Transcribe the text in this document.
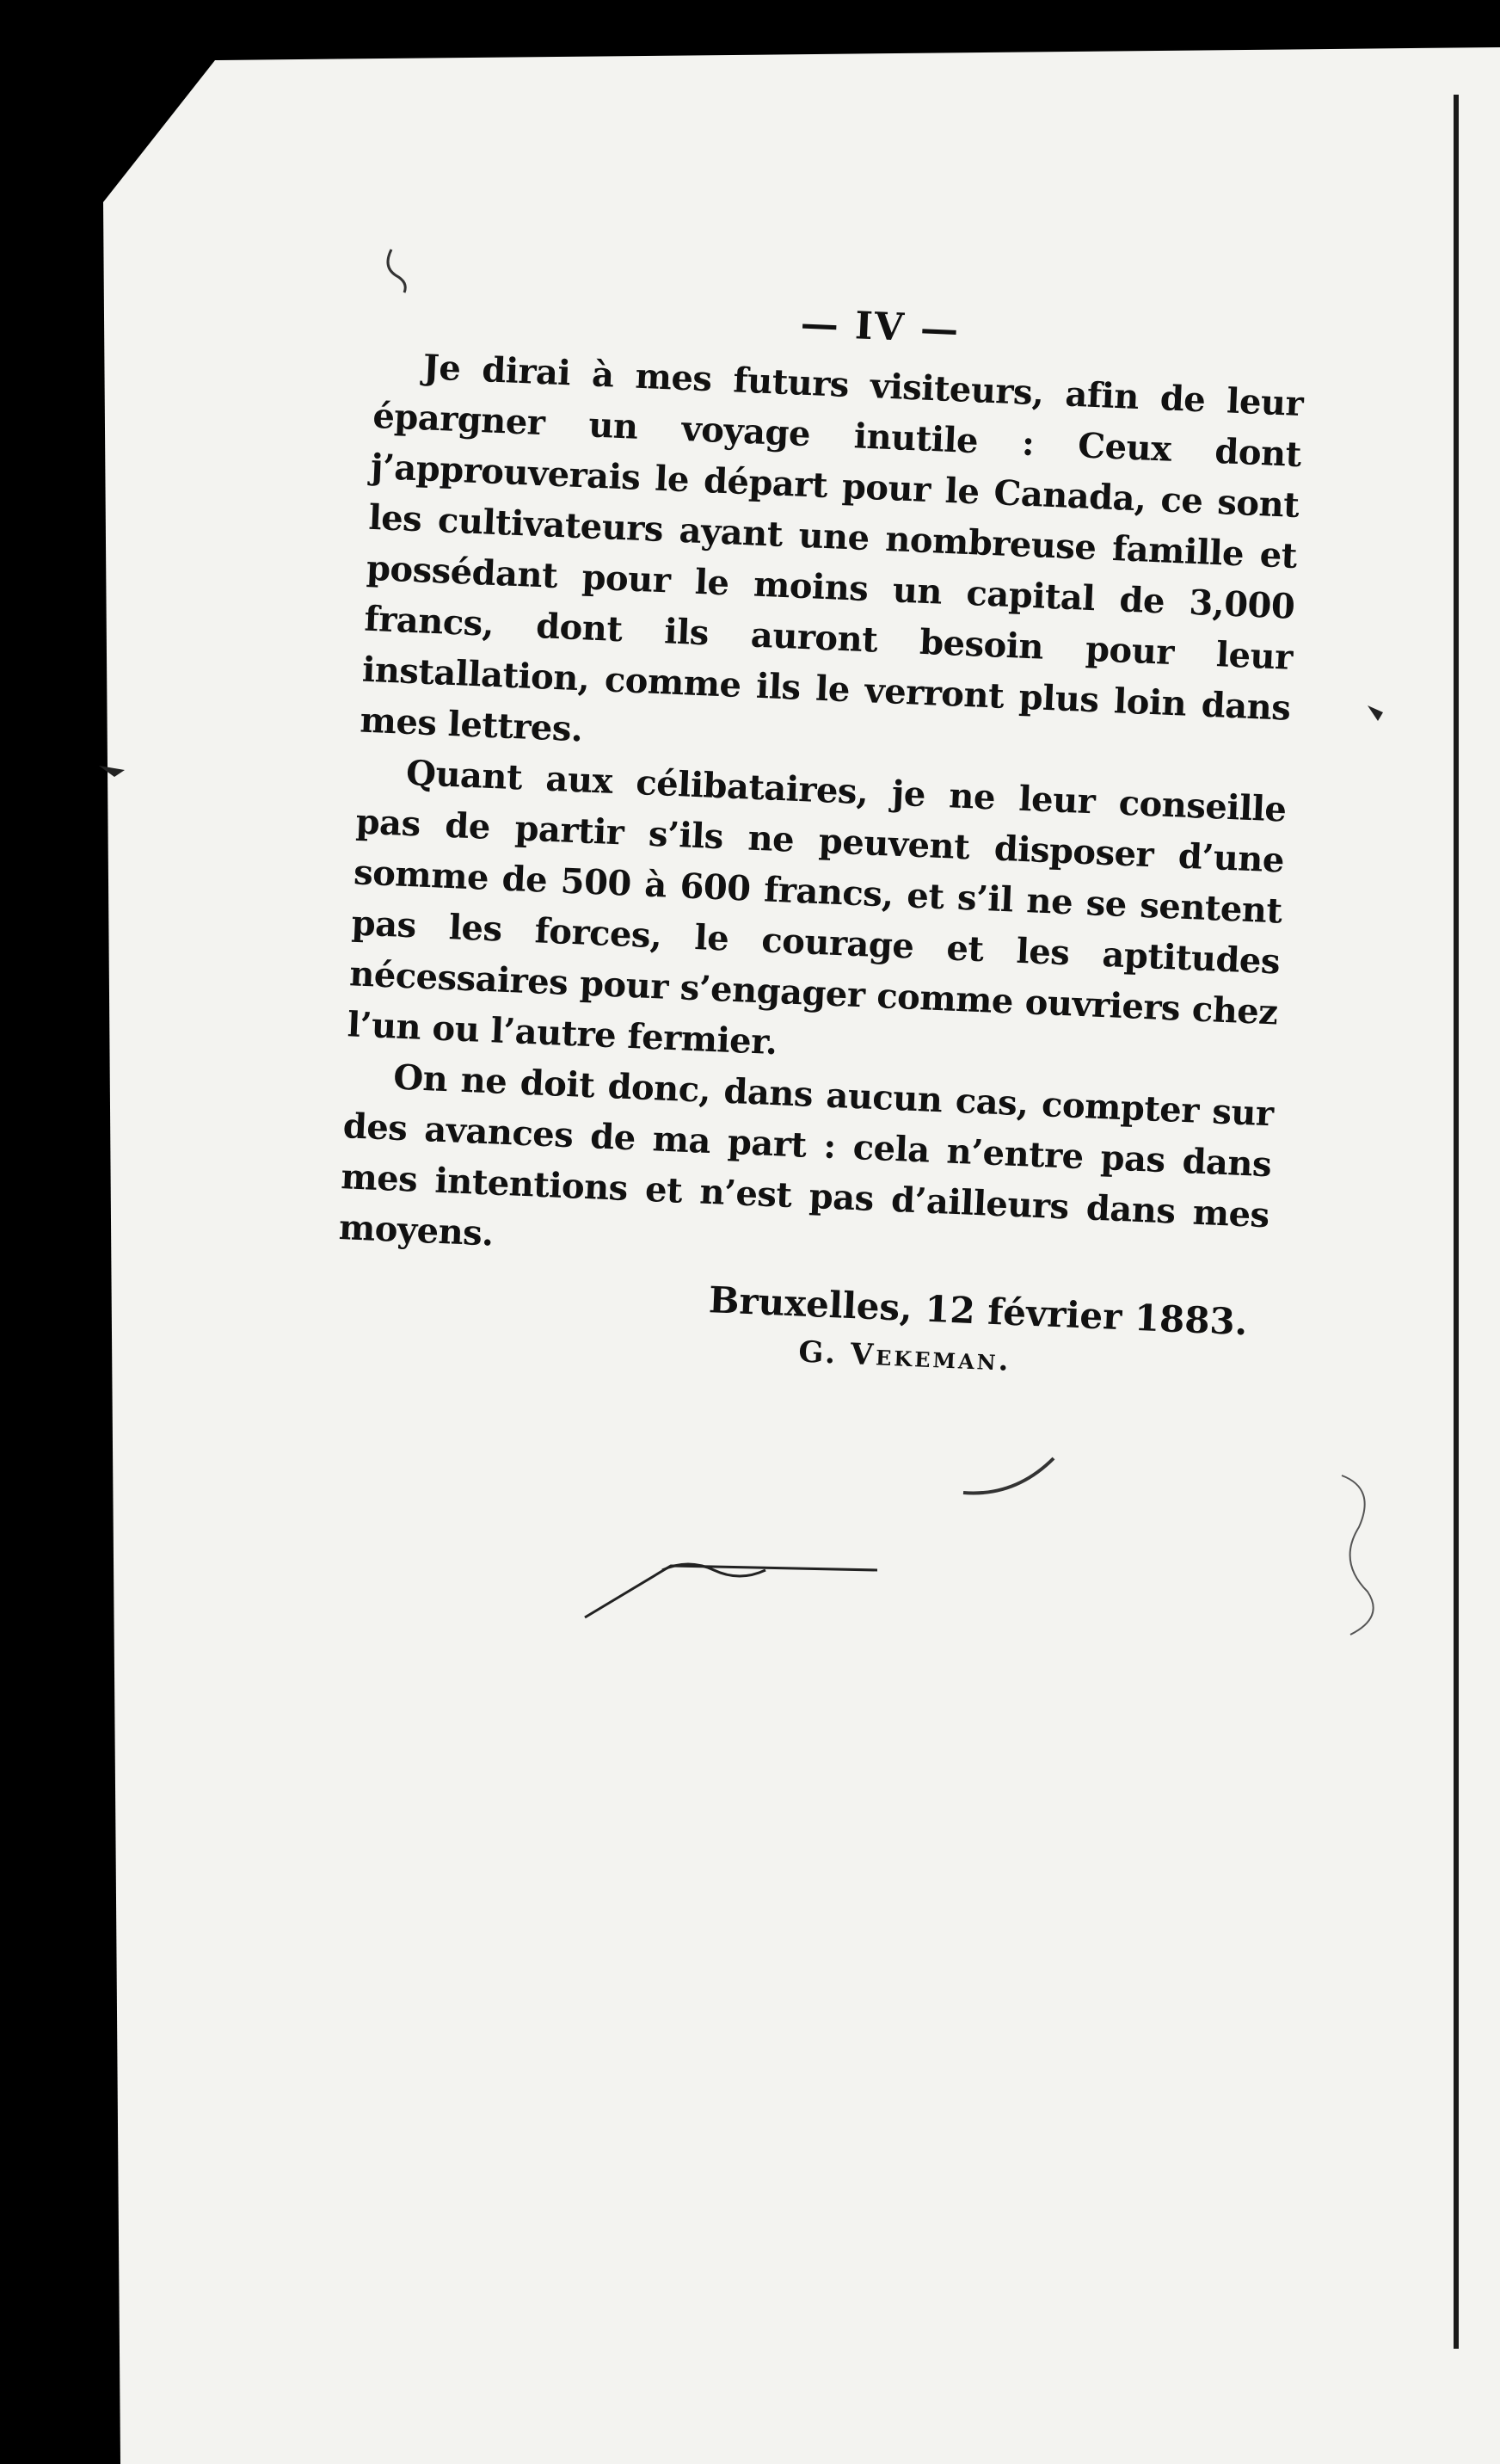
— IV —

Je dirai à mes futurs visiteurs, afin de leur épargner un voyage inutile : Ceux dont j’approuverais le départ pour le Canada, ce sont les cultivateurs ayant une nombreuse famille et possédant pour le moins un capital de 3,000 francs, dont ils auront besoin pour leur installation, comme ils le verront plus loin dans mes lettres.

Quant aux célibataires, je ne leur conseille pas de partir s’ils ne peuvent disposer d’une somme de 500 à 600 francs, et s’il ne se sentent pas les forces, le courage et les aptitudes nécessaires pour s’engager comme ouvriers chez l’un ou l’autre fermier.

On ne doit donc, dans aucun cas, compter sur des avances de ma part : cela n’entre pas dans mes intentions et n’est pas d’ailleurs dans mes moyens.

Bruxelles, 12 février 1883.
G. Vekeman.
